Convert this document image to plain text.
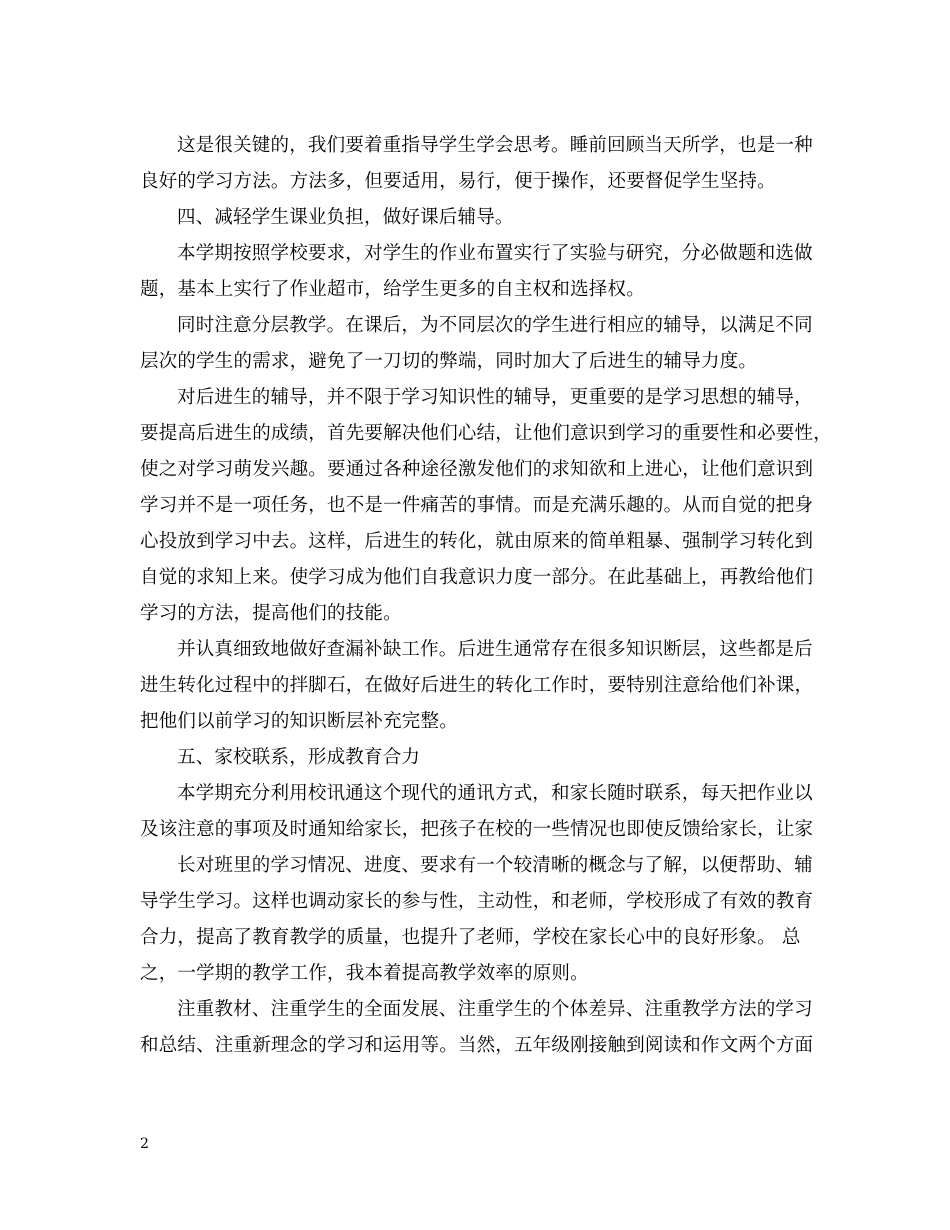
这是很关键的，我们要着重指导学生学会思考。睡前回顾当天所学，也是一种
良好的学习方法。方法多，但要适用，易行，便于操作，还要督促学生坚持。
四、减轻学生课业负担，做好课后辅导。
本学期按照学校要求，对学生的作业布置实行了实验与研究，分必做题和选做
题，基本上实行了作业超市，给学生更多的自主权和选择权。
同时注意分层教学。在课后，为不同层次的学生进行相应的辅导，以满足不同
层次的学生的需求，避免了一刀切的弊端，同时加大了后进生的辅导力度。
对后进生的辅导，并不限于学习知识性的辅导，更重要的是学习思想的辅导，
要提高后进生的成绩，首先要解决他们心结，让他们意识到学习的重要性和必要性，
使之对学习萌发兴趣。要通过各种途径激发他们的求知欲和上进心，让他们意识到
学习并不是一项任务，也不是一件痛苦的事情。而是充满乐趣的。从而自觉的把身
心投放到学习中去。这样，后进生的转化，就由原来的简单粗暴、强制学习转化到
自觉的求知上来。使学习成为他们自我意识力度一部分。在此基础上，再教给他们
学习的方法，提高他们的技能。
并认真细致地做好查漏补缺工作。后进生通常存在很多知识断层，这些都是后
进生转化过程中的拌脚石，在做好后进生的转化工作时，要特别注意给他们补课，
把他们以前学习的知识断层补充完整。
五、家校联系，形成教育合力
本学期充分利用校讯通这个现代的通讯方式，和家长随时联系，每天把作业以
及该注意的事项及时通知给家长，把孩子在校的一些情况也即使反馈给家长，让家
长对班里的学习情况、进度、要求有一个较清晰的概念与了解，以便帮助、辅
导学生学习。这样也调动家长的参与性，主动性，和老师，学校形成了有效的教育
合力，提高了教育教学的质量，也提升了老师，学校在家长心中的良好形象。 总
之，一学期的教学工作，我本着提高教学效率的原则。
注重教材、注重学生的全面发展、注重学生的个体差异、注重教学方法的学习
和总结、注重新理念的学习和运用等。当然，五年级刚接触到阅读和作文两个方面
2
